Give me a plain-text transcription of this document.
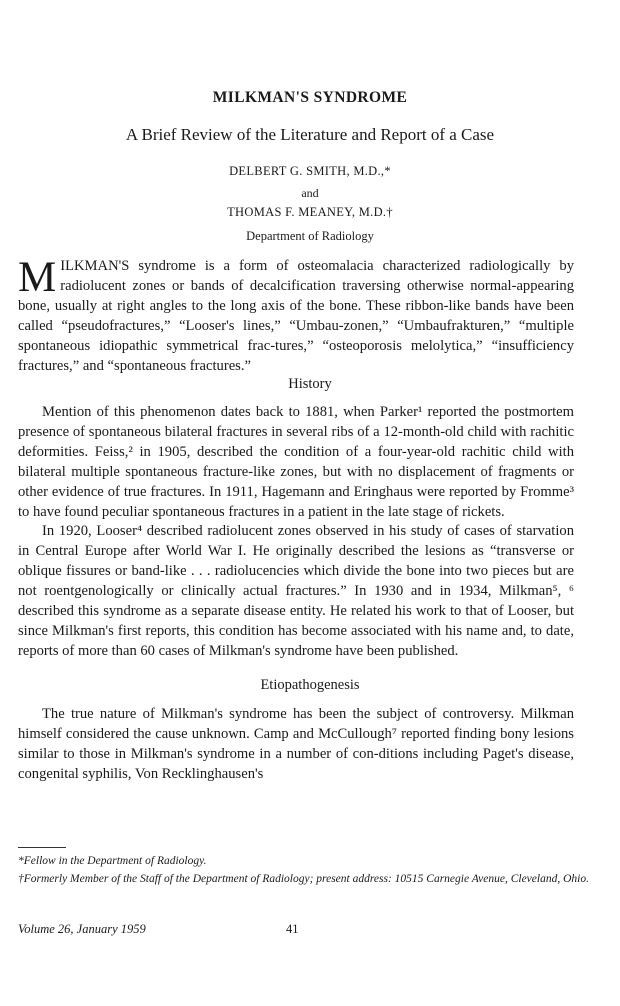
MILKMAN'S SYNDROME
A Brief Review of the Literature and Report of a Case
DELBERT G. SMITH, M.D.,*
and
THOMAS F. MEANEY, M.D.†
Department of Radiology
M ILKMAN'S syndrome is a form of osteomalacia characterized radiologically by radiolucent zones or bands of decalcification traversing otherwise normal-appearing bone, usually at right angles to the long axis of the bone. These ribbon-like bands have been called “pseudofractures,” “Looser's lines,” “Umbau-zonen,” “Umbaufrakturen,” “multiple spontaneous idiopathic symmetrical frac-tures,” “osteoporosis melolytica,” “insufficiency fractures,” and “spontaneous fractures.”
History

Mention of this phenomenon dates back to 1881, when Parker¹ reported the postmortem presence of spontaneous bilateral fractures in several ribs of a 12-month-old child with rachitic deformities. Feiss,² in 1905, described the condition of a four-year-old rachitic child with bilateral multiple spontaneous fracture-like zones, but with no displacement of fragments or other evidence of true fractures. In 1911, Hagemann and Eringhaus were reported by Fromme³ to have found peculiar spontaneous fractures in a patient in the late stage of rickets.

In 1920, Looser⁴ described radiolucent zones observed in his study of cases of starvation in Central Europe after World War I. He originally described the lesions as “transverse or oblique fissures or band-like . . . radiolucencies which divide the bone into two pieces but are not roentgenologically or clinically actual fractures.” In 1930 and in 1934, Milkman⁵, ⁶ described this syndrome as a separate disease entity. He related his work to that of Looser, but since Milkman's first reports, this condition has become associated with his name and, to date, reports of more than 60 cases of Milkman's syndrome have been published.

Etiopathogenesis

The true nature of Milkman's syndrome has been the subject of controversy. Milkman himself considered the cause unknown. Camp and McCullough⁷ reported finding bony lesions similar to those in Milkman's syndrome in a number of con-ditions including Paget's disease, congenital syphilis, Von Recklinghausen's

*Fellow in the Department of Radiology.
†Formerly Member of the Staff of the Department of Radiology; present address: 10515 Carnegie Avenue, Cleveland, Ohio.
Volume 26, January 1959	41
